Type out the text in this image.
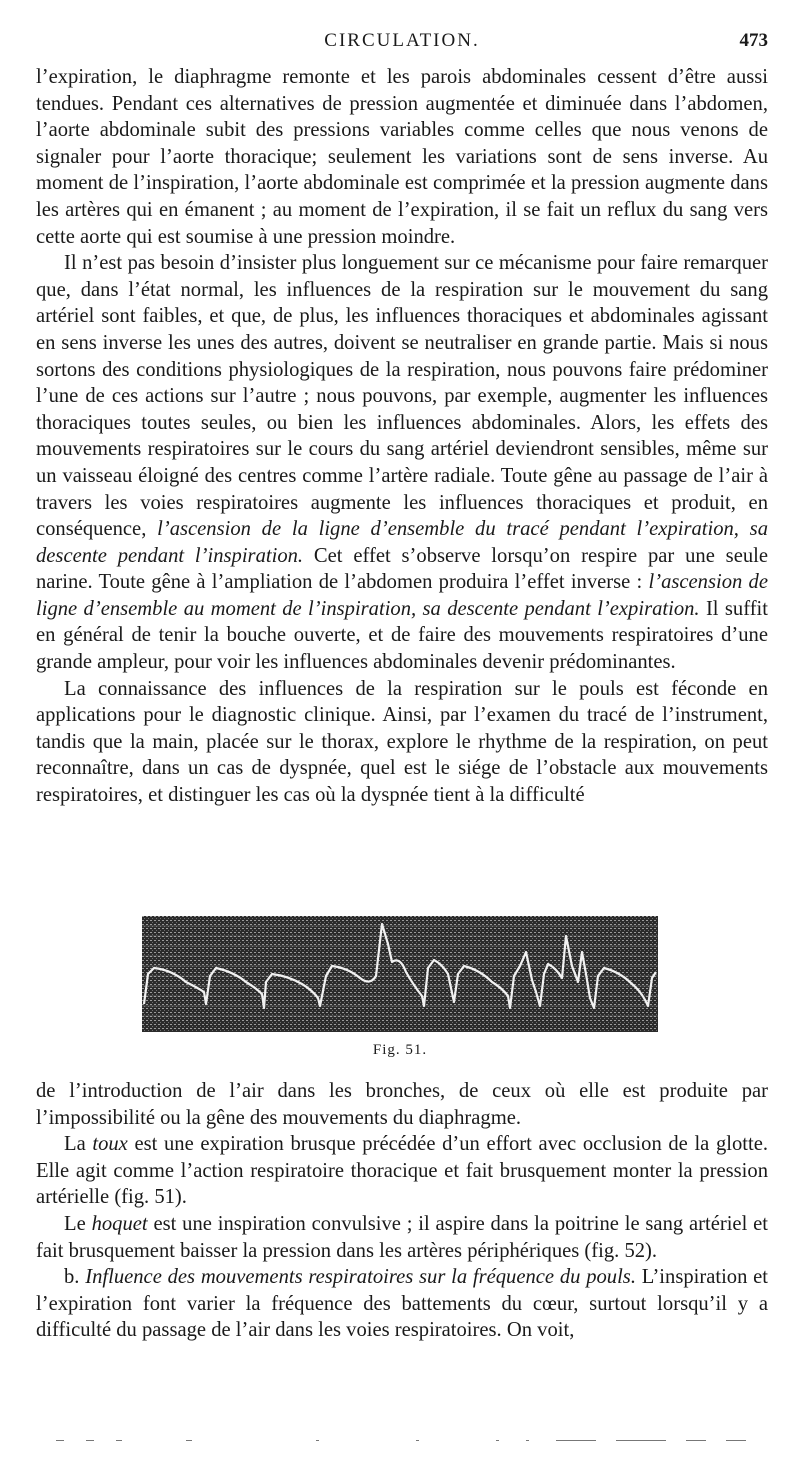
CIRCULATION.	473

l’expiration, le diaphragme remonte et les parois abdominales cessent d’être aussi tendues. Pendant ces alternatives de pression augmentée et diminuée dans l’abdomen, l’aorte abdominale subit des pressions variables comme celles que nous venons de signaler pour l’aorte thoracique; seulement les variations sont de sens inverse. Au moment de l’inspiration, l’aorte abdominale est comprimée et la pression augmente dans les artères qui en émanent ; au moment de l’expiration, il se fait un reflux du sang vers cette aorte qui est soumise à une pression moindre.

Il n’est pas besoin d’insister plus longuement sur ce mécanisme pour faire remarquer que, dans l’état normal, les influences de la respiration sur le mouvement du sang artériel sont faibles, et que, de plus, les influences thoraciques et abdominales agissant en sens inverse les unes des autres, doivent se neutraliser en grande partie. Mais si nous sortons des conditions physiologiques de la respiration, nous pouvons faire prédominer l’une de ces actions sur l’autre ; nous pouvons, par exemple, augmenter les influences thoraciques toutes seules, ou bien les influences abdominales. Alors, les effets des mouvements respiratoires sur le cours du sang artériel deviendront sensibles, même sur un vaisseau éloigné des centres comme l’artère radiale. Toute gêne au passage de l’air à travers les voies respiratoires augmente les influences thoraciques et produit, en conséquence, l’ascension de la ligne d’ensemble du tracé pendant l’expiration, sa descente pendant l’inspiration. Cet effet s’observe lorsqu’on respire par une seule narine. Toute gêne à l’ampliation de l’abdomen produira l’effet inverse : l’ascension de ligne d’ensemble au moment de l’inspiration, sa descente pendant l’expiration. Il suffit en général de tenir la bouche ouverte, et de faire des mouvements respiratoires d’une grande ampleur, pour voir les influences abdominales devenir prédominantes.

La connaissance des influences de la respiration sur le pouls est féconde en applications pour le diagnostic clinique. Ainsi, par l’examen du tracé de l’instrument, tandis que la main, placée sur le thorax, explore le rhythme de la respiration, on peut reconnaître, dans un cas de dyspnée, quel est le siége de l’obstacle aux mouvements respiratoires, et distinguer les cas où la dyspnée tient à la difficulté

Fig. 51.

de l’introduction de l’air dans les bronches, de ceux où elle est produite par l’impossibilité ou la gêne des mouvements du diaphragme.

La toux est une expiration brusque précédée d’un effort avec occlusion de la glotte. Elle agit comme l’action respiratoire thoracique et fait brusquement monter la pression artérielle (fig. 51).

Le hoquet est une inspiration convulsive ; il aspire dans la poitrine le sang artériel et fait brusquement baisser la pression dans les artères périphériques (fig. 52).

b. Influence des mouvements respiratoires sur la fréquence du pouls. L’inspiration et l’expiration font varier la fréquence des battements du cœur, surtout lorsqu’il y a difficulté du passage de l’air dans les voies respiratoires. On voit,
